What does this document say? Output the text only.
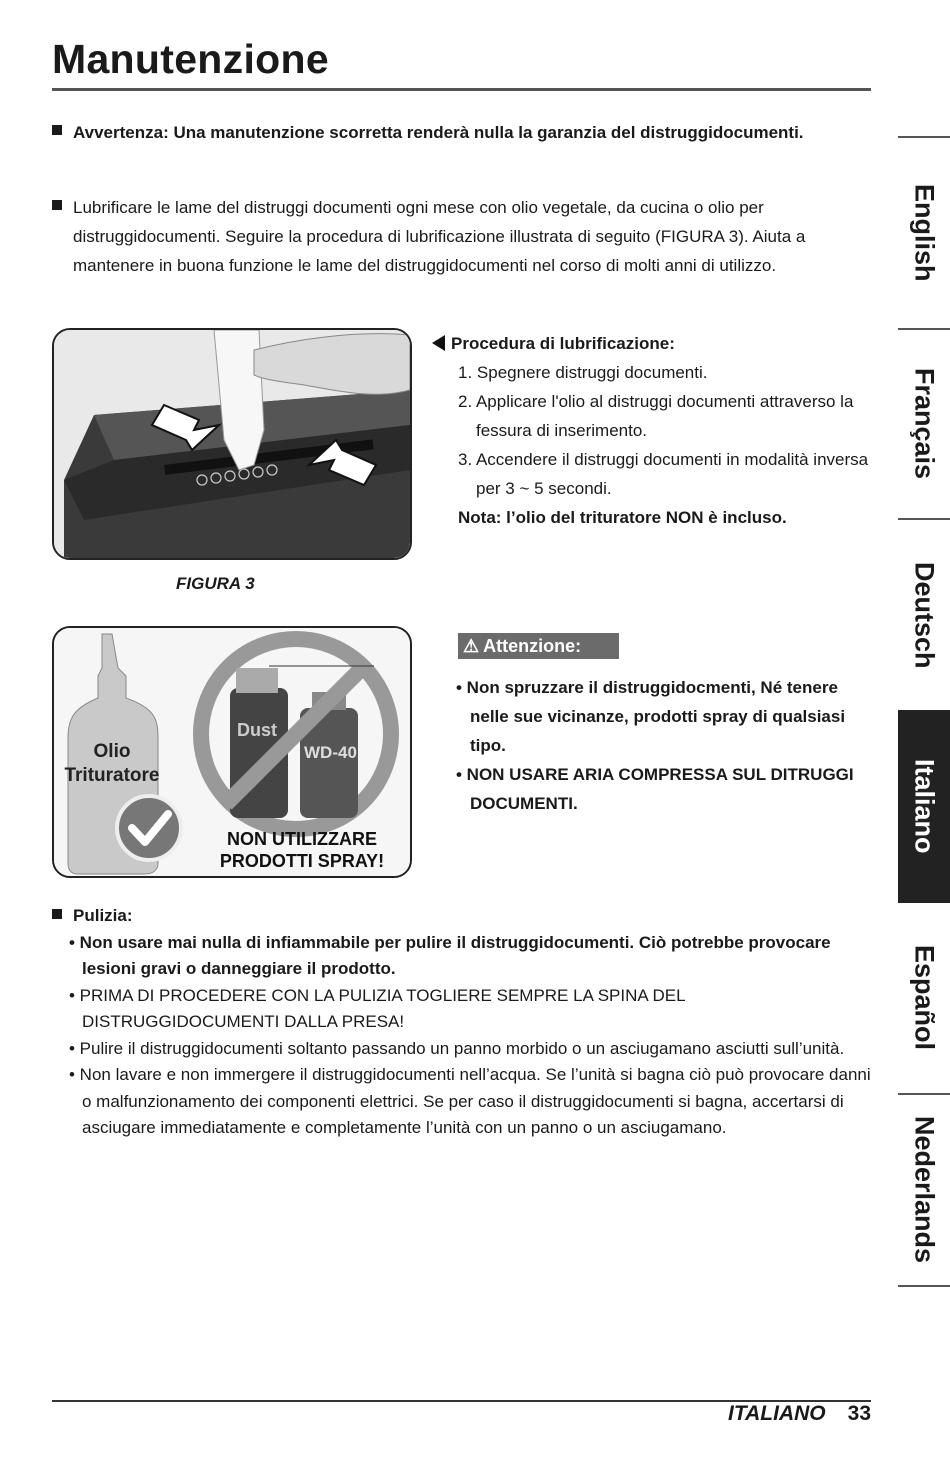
Manutenzione
Avvertenza: Una manutenzione scorretta renderà nulla la garanzia del distruggidocumenti.
Lubrificare le lame del distruggi documenti ogni mese con olio vegetale, da cucina o olio per distruggidocumenti. Seguire la procedura di lubrificazione illustrata di seguito (FIGURA 3). Aiuta a mantenere in buona funzione le lame del distruggidocumenti nel corso di molti anni di utilizzo.
FIGURA 3
Procedura di lubrificazione:
1. Spegnere distruggi documenti.
2. Applicare l'olio al distruggi documenti attraverso la fessura di inserimento.
3. Accendere il distruggi documenti in modalità inversa per 3 ~ 5 secondi.
Nota: l’olio del trituratore NON è incluso.
Dust
WD-40
Olio
Trituratore
NON UTILIZZARE
PRODOTTI SPRAY!
⚠ Attenzione:
• Non spruzzare il distruggidocmenti, Né tenere nelle sue vicinanze, prodotti spray di qualsiasi tipo.
• NON USARE ARIA COMPRESSA SUL DITRUGGI DOCUMENTI.
Pulizia:
• Non usare mai nulla di infiammabile per pulire il distruggidocumenti. Ciò potrebbe provocare lesioni gravi o danneggiare il prodotto.
• PRIMA DI PROCEDERE CON LA PULIZIA TOGLIERE SEMPRE LA SPINA DEL DISTRUGGIDOCUMENTI DALLA PRESA!
• Pulire il distruggidocumenti soltanto passando un panno morbido o un asciugamano asciutti sull’unità.
• Non lavare e non immergere il distruggidocumenti nell’acqua. Se l’unità si bagna ciò può provocare danni o malfunzionamento dei componenti elettrici. Se per caso il distruggidocumenti si bagna, accertarsi di asciugare immediatamente e completamente l’unità con un panno o un asciugamano.
ITALIANO 33
English
Français
Deutsch
Italiano
Español
Nederlands
